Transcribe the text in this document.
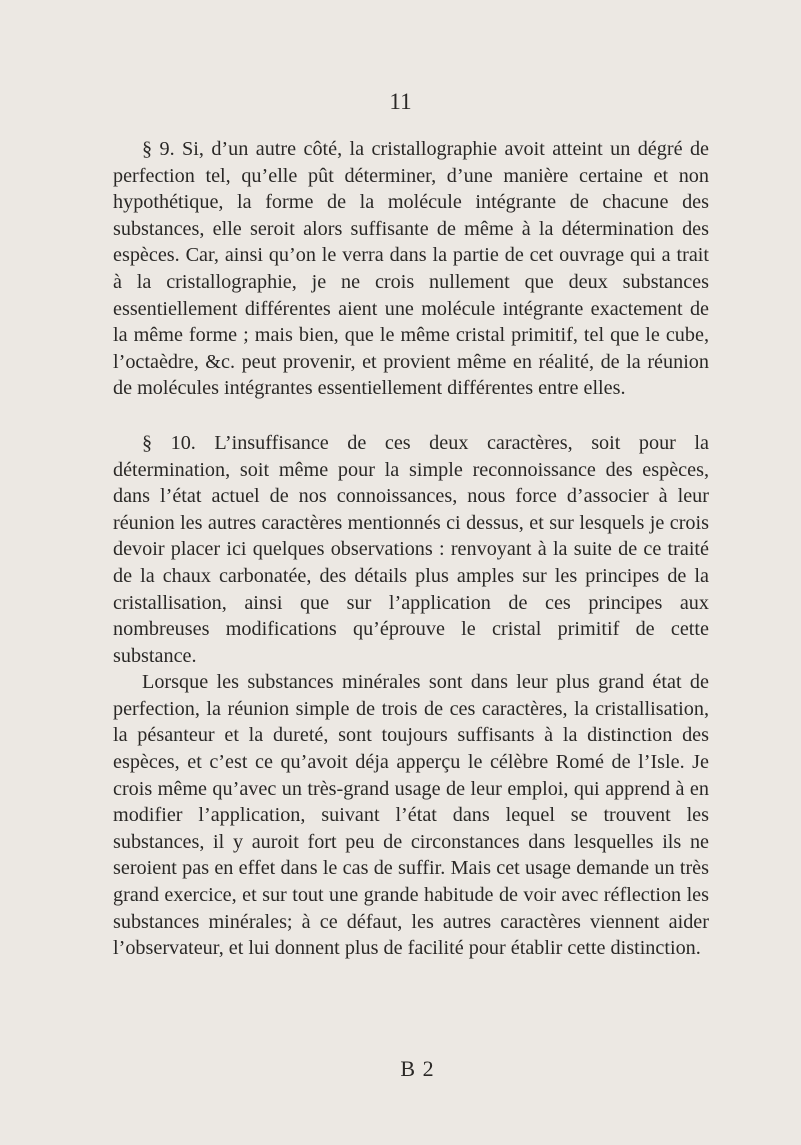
11

§ 9. Si, d’un autre côté, la cristallographie avoit atteint un dégré de perfection tel, qu’elle pût déterminer, d’une manière certaine et non hypothétique, la forme de la molécule intégrante de chacune des substances, elle seroit alors suffisante de même à la détermination des espèces. Car, ainsi qu’on le verra dans la partie de cet ouvrage qui a trait à la cristallographie, je ne crois nullement que deux substances essentiellement différentes aient une molécule intégrante exactement de la même forme ; mais bien, que le même cristal primitif, tel que le cube, l’octaèdre, &c. peut provenir, et provient même en réalité, de la réunion de molécules intégrantes essentiellement différentes entre elles.

§ 10. L’insuffisance de ces deux caractères, soit pour la détermination, soit même pour la simple reconnoissance des espèces, dans l’état actuel de nos connoissances, nous force d’associer à leur réunion les autres caractères mentionnés ci dessus, et sur lesquels je crois devoir placer ici quelques observations : renvoyant à la suite de ce traité de la chaux carbonatée, des détails plus amples sur les principes de la cristallisation, ainsi que sur l’application de ces principes aux nombreuses modifications qu’éprouve le cristal primitif de cette substance.

Lorsque les substances minérales sont dans leur plus grand état de perfection, la réunion simple de trois de ces caractères, la cristallisation, la pésanteur et la dureté, sont toujours suffisants à la distinction des espèces, et c’est ce qu’avoit déja apperçu le célèbre Romé de l’Isle. Je crois même qu’avec un très-grand usage de leur emploi, qui apprend à en modifier l’application, suivant l’état dans lequel se trouvent les substances, il y auroit fort peu de circonstances dans lesquelles ils ne seroient pas en effet dans le cas de suffir. Mais cet usage demande un très grand exercice, et sur tout une grande habitude de voir avec réflection les substances minérales; à ce défaut, les autres caractères viennent aider l’observateur, et lui donnent plus de facilité pour établir cette distinction.

B 2
